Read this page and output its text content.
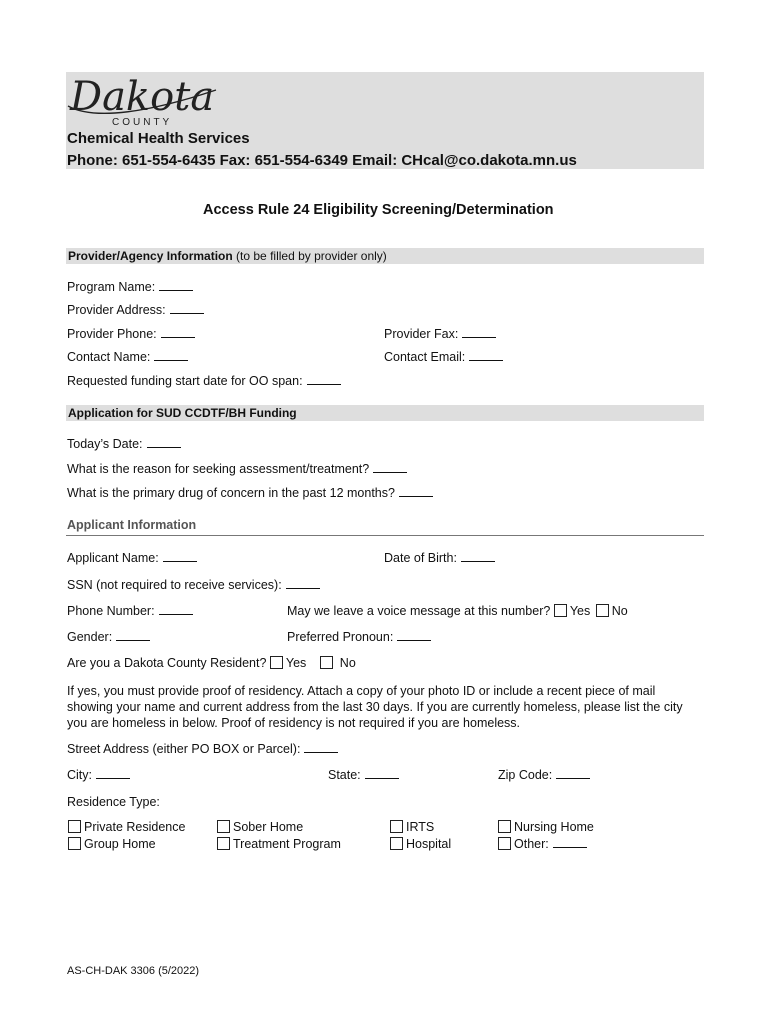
Dakota
COUNTY
Chemical Health Services
Phone: 651-554-6435 Fax: 651-554-6349 Email: CHcal@co.dakota.mn.us
Access Rule 24 Eligibility Screening/Determination
Provider/Agency Information (to be filled by provider only)
Program Name:
Provider Address:
Provider Phone:	Provider Fax:
Contact Name:	Contact Email:
Requested funding start date for OO span:
Application for SUD CCDTF/BH Funding
Today’s Date:
What is the reason for seeking assessment/treatment?
What is the primary drug of concern in the past 12 months?
Applicant Information
Applicant Name:	Date of Birth:
SSN (not required to receive services):
Phone Number:	May we leave a voice message at this number? Yes No
Gender:	Preferred Pronoun:
Are you a Dakota County Resident? Yes	No
If yes, you must provide proof of residency. Attach a copy of your photo ID or include a recent piece of mail showing your name and current address from the last 30 days. If you are currently homeless, please list the city you are homeless in below. Proof of residency is not required if you are homeless.
Street Address (either PO BOX or Parcel):
City:	State:	Zip Code:
Residence Type:
Private Residence	Sober Home	IRTS	Nursing Home
Group Home	Treatment Program	Hospital	Other:
AS-CH-DAK 3306 (5/2022)
